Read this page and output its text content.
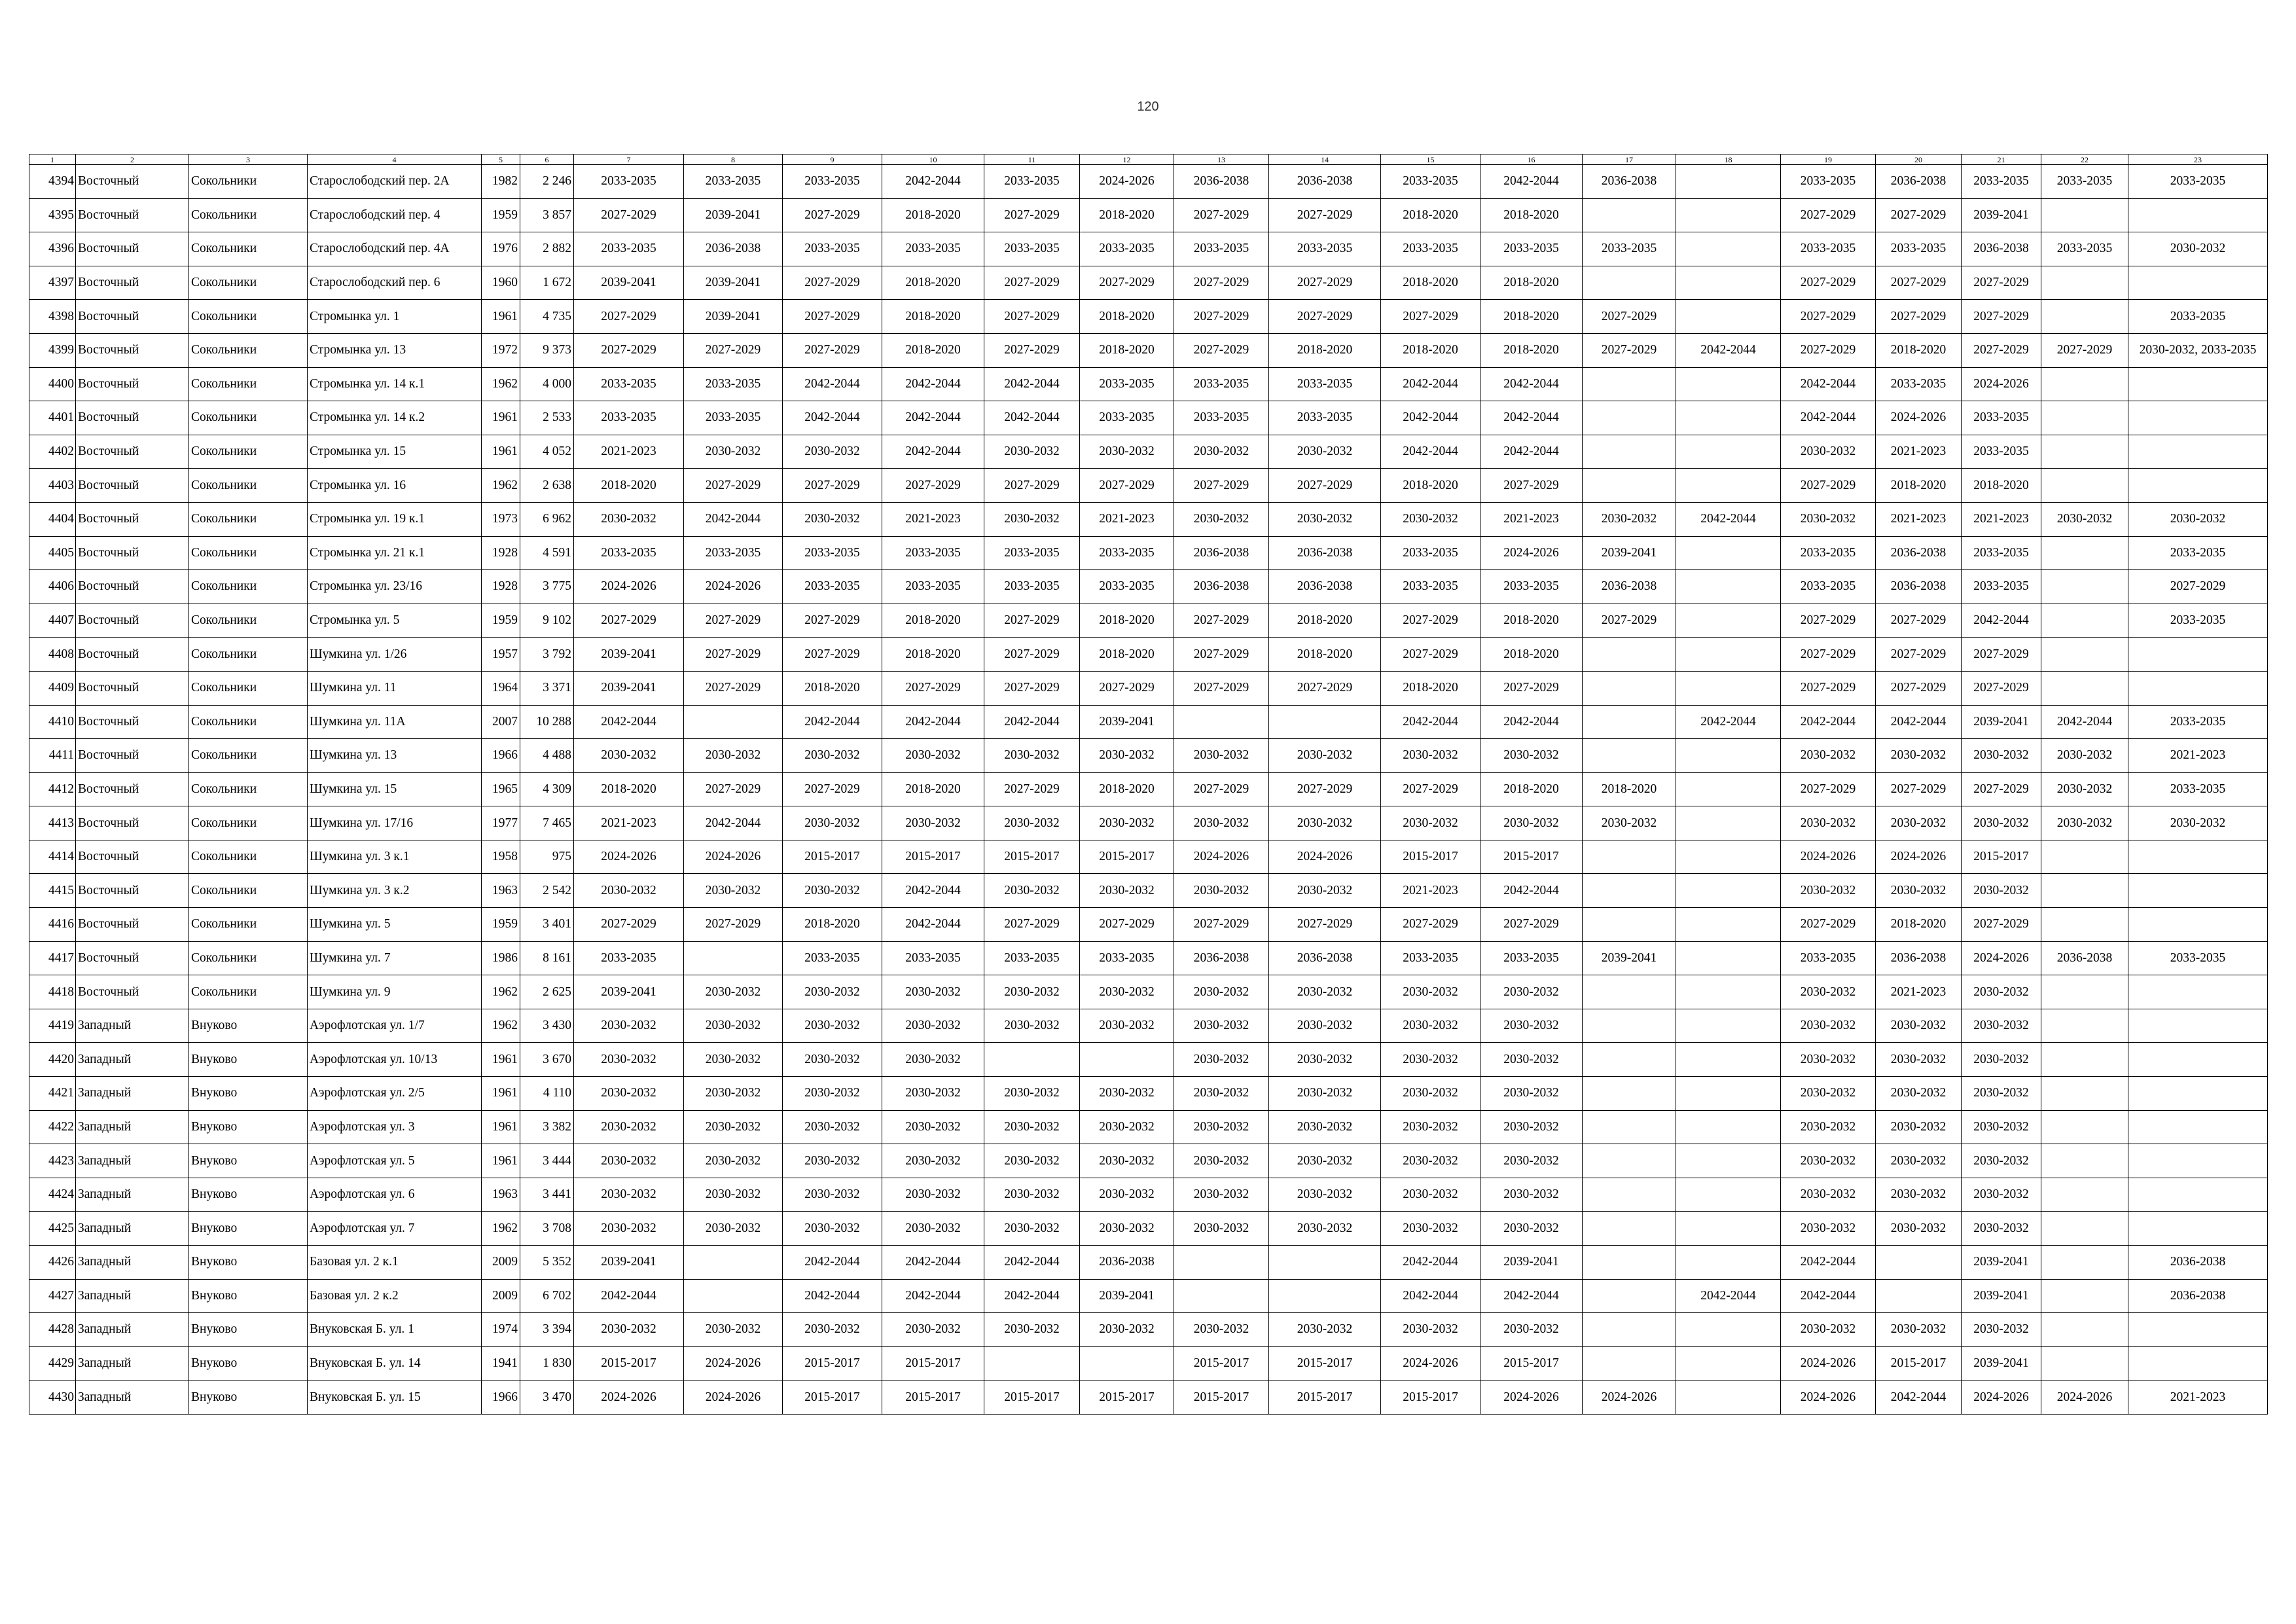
120
1	2	3	4	5	6	7	8	9	10	11	12	13	14	15	16	17	18	19	20	21	22	23
4394	Восточный	Сокольники	Старослободский пер. 2А	1982	2 246	2033-2035	2033-2035	2033-2035	2042-2044	2033-2035	2024-2026	2036-2038	2036-2038	2033-2035	2042-2044	2036-2038		2033-2035	2036-2038	2033-2035	2033-2035	2033-2035
4395	Восточный	Сокольники	Старослободский пер. 4	1959	3 857	2027-2029	2039-2041	2027-2029	2018-2020	2027-2029	2018-2020	2027-2029	2027-2029	2018-2020	2018-2020			2027-2029	2027-2029	2039-2041		
4396	Восточный	Сокольники	Старослободский пер. 4А	1976	2 882	2033-2035	2036-2038	2033-2035	2033-2035	2033-2035	2033-2035	2033-2035	2033-2035	2033-2035	2033-2035	2033-2035		2033-2035	2033-2035	2036-2038	2033-2035	2030-2032
4397	Восточный	Сокольники	Старослободский пер. 6	1960	1 672	2039-2041	2039-2041	2027-2029	2018-2020	2027-2029	2027-2029	2027-2029	2027-2029	2018-2020	2018-2020			2027-2029	2027-2029	2027-2029		
4398	Восточный	Сокольники	Стромынка ул. 1	1961	4 735	2027-2029	2039-2041	2027-2029	2018-2020	2027-2029	2018-2020	2027-2029	2027-2029	2027-2029	2018-2020	2027-2029		2027-2029	2027-2029	2027-2029		2033-2035
4399	Восточный	Сокольники	Стромынка ул. 13	1972	9 373	2027-2029	2027-2029	2027-2029	2018-2020	2027-2029	2018-2020	2027-2029	2018-2020	2018-2020	2018-2020	2027-2029	2042-2044	2027-2029	2018-2020	2027-2029	2027-2029	2030-2032, 2033-2035
4400	Восточный	Сокольники	Стромынка ул. 14 к.1	1962	4 000	2033-2035	2033-2035	2042-2044	2042-2044	2042-2044	2033-2035	2033-2035	2033-2035	2042-2044	2042-2044			2042-2044	2033-2035	2024-2026		
4401	Восточный	Сокольники	Стромынка ул. 14 к.2	1961	2 533	2033-2035	2033-2035	2042-2044	2042-2044	2042-2044	2033-2035	2033-2035	2033-2035	2042-2044	2042-2044			2042-2044	2024-2026	2033-2035		
4402	Восточный	Сокольники	Стромынка ул. 15	1961	4 052	2021-2023	2030-2032	2030-2032	2042-2044	2030-2032	2030-2032	2030-2032	2030-2032	2042-2044	2042-2044			2030-2032	2021-2023	2033-2035		
4403	Восточный	Сокольники	Стромынка ул. 16	1962	2 638	2018-2020	2027-2029	2027-2029	2027-2029	2027-2029	2027-2029	2027-2029	2027-2029	2018-2020	2027-2029			2027-2029	2018-2020	2018-2020		
4404	Восточный	Сокольники	Стромынка ул. 19 к.1	1973	6 962	2030-2032	2042-2044	2030-2032	2021-2023	2030-2032	2021-2023	2030-2032	2030-2032	2030-2032	2021-2023	2030-2032	2042-2044	2030-2032	2021-2023	2021-2023	2030-2032	2030-2032
4405	Восточный	Сокольники	Стромынка ул. 21 к.1	1928	4 591	2033-2035	2033-2035	2033-2035	2033-2035	2033-2035	2033-2035	2036-2038	2036-2038	2033-2035	2024-2026	2039-2041		2033-2035	2036-2038	2033-2035		2033-2035
4406	Восточный	Сокольники	Стромынка ул. 23/16	1928	3 775	2024-2026	2024-2026	2033-2035	2033-2035	2033-2035	2033-2035	2036-2038	2036-2038	2033-2035	2033-2035	2036-2038		2033-2035	2036-2038	2033-2035		2027-2029
4407	Восточный	Сокольники	Стромынка ул. 5	1959	9 102	2027-2029	2027-2029	2027-2029	2018-2020	2027-2029	2018-2020	2027-2029	2018-2020	2027-2029	2018-2020	2027-2029		2027-2029	2027-2029	2042-2044		2033-2035
4408	Восточный	Сокольники	Шумкина ул. 1/26	1957	3 792	2039-2041	2027-2029	2027-2029	2018-2020	2027-2029	2018-2020	2027-2029	2018-2020	2027-2029	2018-2020			2027-2029	2027-2029	2027-2029		
4409	Восточный	Сокольники	Шумкина ул. 11	1964	3 371	2039-2041	2027-2029	2018-2020	2027-2029	2027-2029	2027-2029	2027-2029	2027-2029	2018-2020	2027-2029			2027-2029	2027-2029	2027-2029		
4410	Восточный	Сокольники	Шумкина ул. 11А	2007	10 288	2042-2044		2042-2044	2042-2044	2042-2044	2039-2041			2042-2044	2042-2044		2042-2044	2042-2044	2042-2044	2039-2041	2042-2044	2033-2035
4411	Восточный	Сокольники	Шумкина ул. 13	1966	4 488	2030-2032	2030-2032	2030-2032	2030-2032	2030-2032	2030-2032	2030-2032	2030-2032	2030-2032	2030-2032			2030-2032	2030-2032	2030-2032	2030-2032	2021-2023
4412	Восточный	Сокольники	Шумкина ул. 15	1965	4 309	2018-2020	2027-2029	2027-2029	2018-2020	2027-2029	2018-2020	2027-2029	2027-2029	2027-2029	2018-2020	2018-2020		2027-2029	2027-2029	2027-2029	2030-2032	2033-2035
4413	Восточный	Сокольники	Шумкина ул. 17/16	1977	7 465	2021-2023	2042-2044	2030-2032	2030-2032	2030-2032	2030-2032	2030-2032	2030-2032	2030-2032	2030-2032	2030-2032		2030-2032	2030-2032	2030-2032	2030-2032	2030-2032
4414	Восточный	Сокольники	Шумкина ул. 3 к.1	1958	975	2024-2026	2024-2026	2015-2017	2015-2017	2015-2017	2015-2017	2024-2026	2024-2026	2015-2017	2015-2017			2024-2026	2024-2026	2015-2017		
4415	Восточный	Сокольники	Шумкина ул. 3 к.2	1963	2 542	2030-2032	2030-2032	2030-2032	2042-2044	2030-2032	2030-2032	2030-2032	2030-2032	2021-2023	2042-2044			2030-2032	2030-2032	2030-2032		
4416	Восточный	Сокольники	Шумкина ул. 5	1959	3 401	2027-2029	2027-2029	2018-2020	2042-2044	2027-2029	2027-2029	2027-2029	2027-2029	2027-2029	2027-2029			2027-2029	2018-2020	2027-2029		
4417	Восточный	Сокольники	Шумкина ул. 7	1986	8 161	2033-2035		2033-2035	2033-2035	2033-2035	2033-2035	2036-2038	2036-2038	2033-2035	2033-2035	2039-2041		2033-2035	2036-2038	2024-2026	2036-2038	2033-2035
4418	Восточный	Сокольники	Шумкина ул. 9	1962	2 625	2039-2041	2030-2032	2030-2032	2030-2032	2030-2032	2030-2032	2030-2032	2030-2032	2030-2032	2030-2032			2030-2032	2021-2023	2030-2032		
4419	Западный	Внуково	Аэрофлотская ул. 1/7	1962	3 430	2030-2032	2030-2032	2030-2032	2030-2032	2030-2032	2030-2032	2030-2032	2030-2032	2030-2032	2030-2032			2030-2032	2030-2032	2030-2032		
4420	Западный	Внуково	Аэрофлотская ул. 10/13	1961	3 670	2030-2032	2030-2032	2030-2032	2030-2032			2030-2032	2030-2032	2030-2032	2030-2032			2030-2032	2030-2032	2030-2032		
4421	Западный	Внуково	Аэрофлотская ул. 2/5	1961	4 110	2030-2032	2030-2032	2030-2032	2030-2032	2030-2032	2030-2032	2030-2032	2030-2032	2030-2032	2030-2032			2030-2032	2030-2032	2030-2032		
4422	Западный	Внуково	Аэрофлотская ул. 3	1961	3 382	2030-2032	2030-2032	2030-2032	2030-2032	2030-2032	2030-2032	2030-2032	2030-2032	2030-2032	2030-2032			2030-2032	2030-2032	2030-2032		
4423	Западный	Внуково	Аэрофлотская ул. 5	1961	3 444	2030-2032	2030-2032	2030-2032	2030-2032	2030-2032	2030-2032	2030-2032	2030-2032	2030-2032	2030-2032			2030-2032	2030-2032	2030-2032		
4424	Западный	Внуково	Аэрофлотская ул. 6	1963	3 441	2030-2032	2030-2032	2030-2032	2030-2032	2030-2032	2030-2032	2030-2032	2030-2032	2030-2032	2030-2032			2030-2032	2030-2032	2030-2032		
4425	Западный	Внуково	Аэрофлотская ул. 7	1962	3 708	2030-2032	2030-2032	2030-2032	2030-2032	2030-2032	2030-2032	2030-2032	2030-2032	2030-2032	2030-2032			2030-2032	2030-2032	2030-2032		
4426	Западный	Внуково	Базовая ул. 2 к.1	2009	5 352	2039-2041		2042-2044	2042-2044	2042-2044	2036-2038			2042-2044	2039-2041			2042-2044		2039-2041		2036-2038
4427	Западный	Внуково	Базовая ул. 2 к.2	2009	6 702	2042-2044		2042-2044	2042-2044	2042-2044	2039-2041			2042-2044	2042-2044		2042-2044	2042-2044		2039-2041		2036-2038
4428	Западный	Внуково	Внуковская Б. ул. 1	1974	3 394	2030-2032	2030-2032	2030-2032	2030-2032	2030-2032	2030-2032	2030-2032	2030-2032	2030-2032	2030-2032			2030-2032	2030-2032	2030-2032		
4429	Западный	Внуково	Внуковская Б. ул. 14	1941	1 830	2015-2017	2024-2026	2015-2017	2015-2017			2015-2017	2015-2017	2024-2026	2015-2017			2024-2026	2015-2017	2039-2041		
4430	Западный	Внуково	Внуковская Б. ул. 15	1966	3 470	2024-2026	2024-2026	2015-2017	2015-2017	2015-2017	2015-2017	2015-2017	2015-2017	2015-2017	2024-2026	2024-2026		2024-2026	2042-2044	2024-2026	2024-2026	2021-2023
